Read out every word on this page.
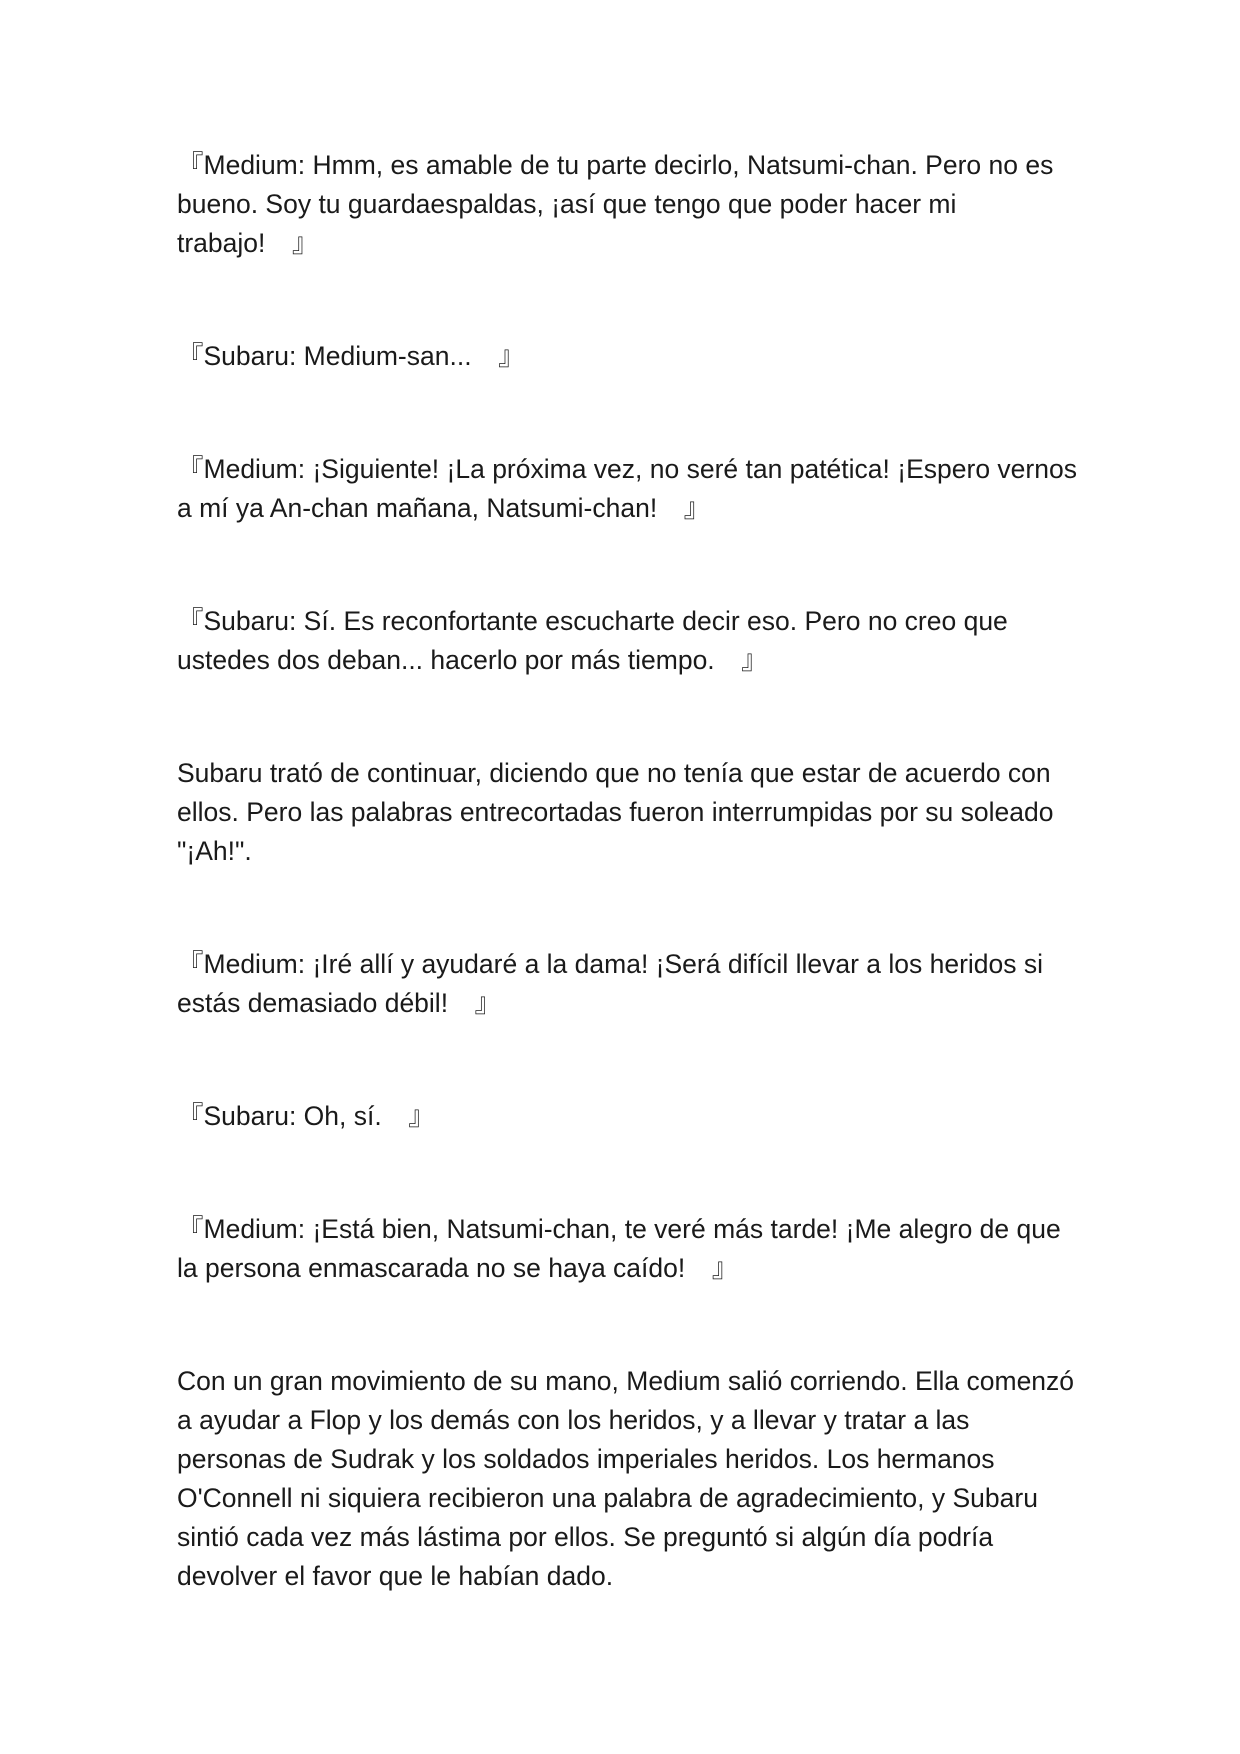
『Medium: Hmm, es amable de tu parte decirlo, Natsumi-chan. Pero no es bueno. Soy tu guardaespaldas, ¡así que tengo que poder hacer mi trabajo!　』

『Subaru: Medium-san...　』

『Medium: ¡Siguiente! ¡La próxima vez, no seré tan patética! ¡Espero vernos a mí ya An-chan mañana, Natsumi-chan!　』

『Subaru: Sí. Es reconfortante escucharte decir eso. Pero no creo que ustedes dos deban... hacerlo por más tiempo.　』

Subaru trató de continuar, diciendo que no tenía que estar de acuerdo con ellos. Pero las palabras entrecortadas fueron interrumpidas por su soleado "¡Ah!".

『Medium: ¡Iré allí y ayudaré a la dama! ¡Será difícil llevar a los heridos si estás demasiado débil!　』

『Subaru: Oh, sí.　』

『Medium: ¡Está bien, Natsumi-chan, te veré más tarde! ¡Me alegro de que la persona enmascarada no se haya caído!　』

Con un gran movimiento de su mano, Medium salió corriendo. Ella comenzó a ayudar a Flop y los demás con los heridos, y a llevar y tratar a las personas de Sudrak y los soldados imperiales heridos. Los hermanos O'Connell ni siquiera recibieron una palabra de agradecimiento, y Subaru sintió cada vez más lástima por ellos. Se preguntó si algún día podría devolver el favor que le habían dado.
